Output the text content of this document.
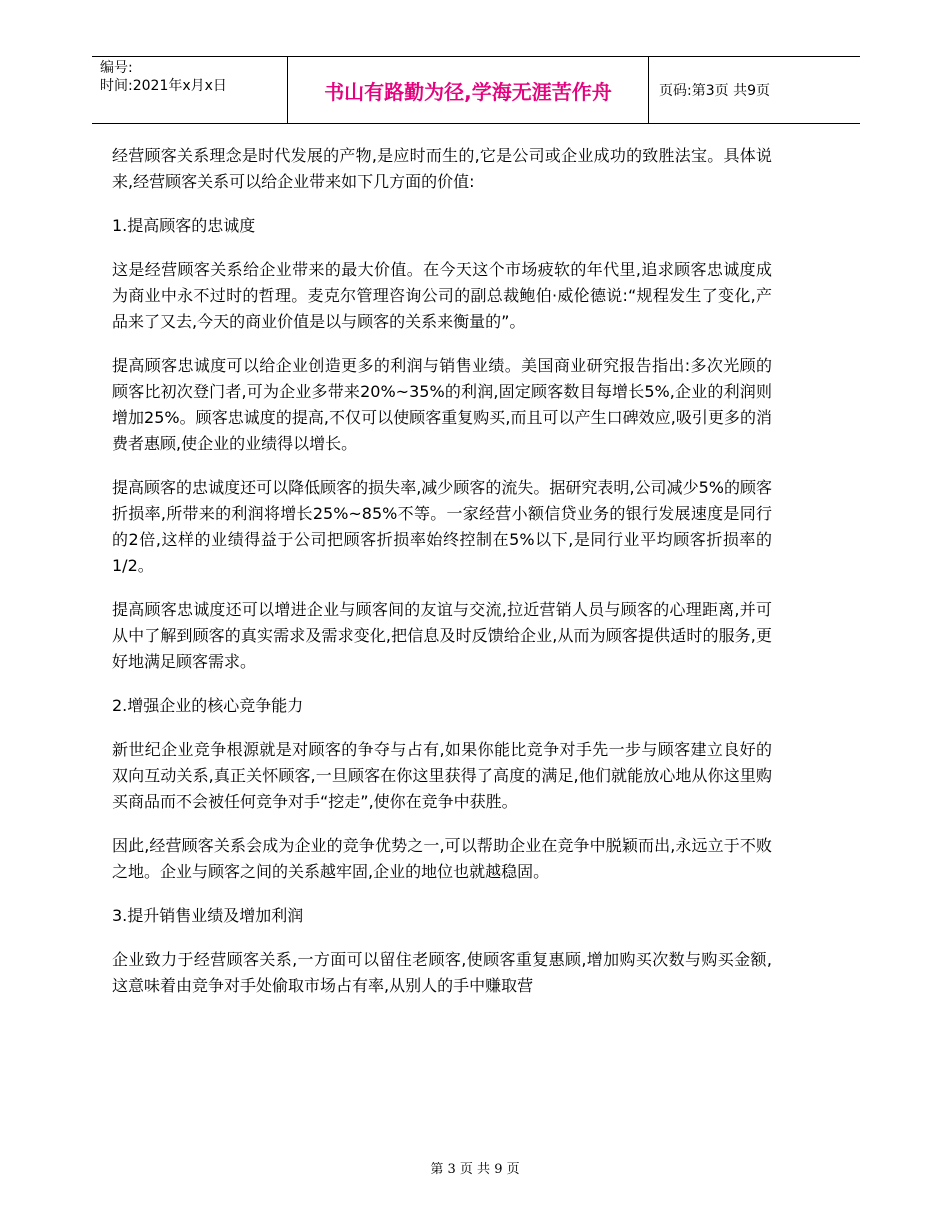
编号:
时间:2021年x月x日	书山有路勤为径,学海无涯苦作舟	页码:第3页 共9页

经营顾客关系理念是时代发展的产物,是应时而生的,它是公司或企业成功的致胜法宝。具体说来,经营顾客关系可以给企业带来如下几方面的价值:

1.提高顾客的忠诚度

这是经营顾客关系给企业带来的最大价值。在今天这个市场疲软的年代里,追求顾客忠诚度成为商业中永不过时的哲理。麦克尔管理咨询公司的副总裁鲍伯·威伦德说:“规程发生了变化,产品来了又去,今天的商业价值是以与顾客的关系来衡量的”。

提高顾客忠诚度可以给企业创造更多的利润与销售业绩。美国商业研究报告指出:多次光顾的顾客比初次登门者,可为企业多带来20%~35%的利润,固定顾客数目每增长5%,企业的利润则增加25%。顾客忠诚度的提高,不仅可以使顾客重复购买,而且可以产生口碑效应,吸引更多的消费者惠顾,使企业的业绩得以增长。

提高顾客的忠诚度还可以降低顾客的损失率,减少顾客的流失。据研究表明,公司减少5%的顾客折损率,所带来的利润将增长25%~85%不等。一家经营小额信贷业务的银行发展速度是同行的2倍,这样的业绩得益于公司把顾客折损率始终控制在5%以下,是同行业平均顾客折损率的1/2。

提高顾客忠诚度还可以增进企业与顾客间的友谊与交流,拉近营销人员与顾客的心理距离,并可从中了解到顾客的真实需求及需求变化,把信息及时反馈给企业,从而为顾客提供适时的服务,更好地满足顾客需求。

2.增强企业的核心竞争能力

新世纪企业竞争根源就是对顾客的争夺与占有,如果你能比竞争对手先一步与顾客建立良好的双向互动关系,真正关怀顾客,一旦顾客在你这里获得了高度的满足,他们就能放心地从你这里购买商品而不会被任何竞争对手“挖走”,使你在竞争中获胜。

因此,经营顾客关系会成为企业的竞争优势之一,可以帮助企业在竞争中脱颖而出,永远立于不败之地。企业与顾客之间的关系越牢固,企业的地位也就越稳固。

3.提升销售业绩及增加利润

企业致力于经营顾客关系,一方面可以留住老顾客,使顾客重复惠顾,增加购买次数与购买金额,这意味着由竞争对手处偷取市场占有率,从别人的手中赚取营

第 3 页 共 9 页
